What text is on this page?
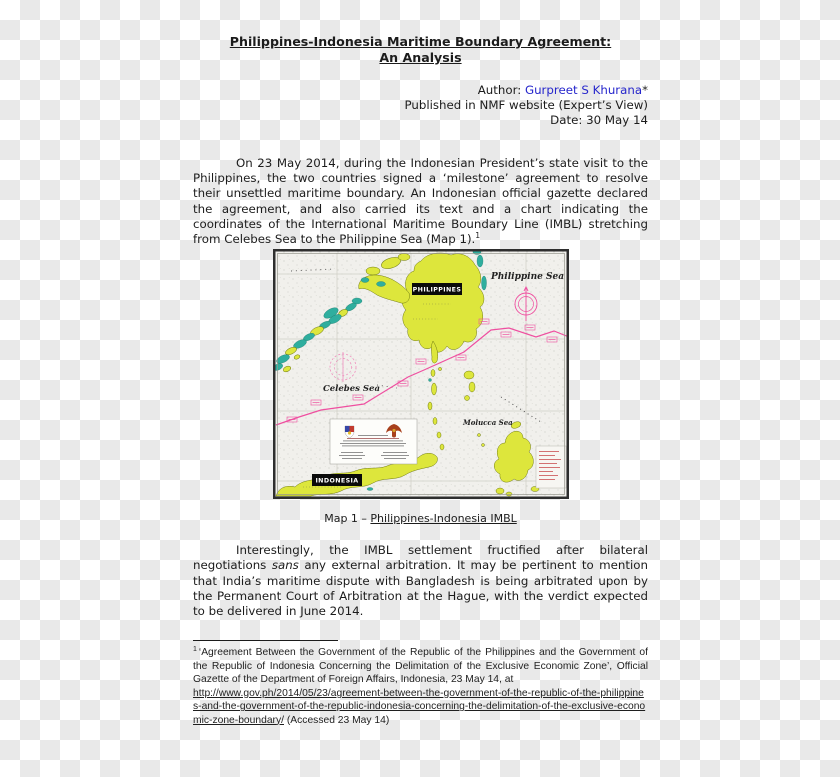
Philippines-Indonesia Maritime Boundary Agreement:
An Analysis
Author: Gurpreet S Khurana*
Published in NMF website (Expert’s View)
Date: 30 May 14

On 23 May 2014, during the Indonesian President’s state visit to the Philippines, the two countries signed a ‘milestone’ agreement to resolve their unsettled maritime boundary. An Indonesian official gazette declared the agreement, and also carried its text and a chart indicating the coordinates of the International Maritime Boundary Line (IMBL) stretching from Celebes Sea to the Philippine Sea (Map 1).$^1$

Philippine Sea
Celebes Sea
Molucca Sea
PHILIPPINES
INDONESIA
Map 1 – Philippines-Indonesia IMBL

Interestingly, the IMBL settlement fructified after bilateral negotiations sans any external arbitration. It may be pertinent to mention that India’s maritime dispute with Bangladesh is being arbitrated upon by the Permanent Court of Arbitration at the Hague, with the verdict expected to be delivered in June 2014.

$^1$ ‘Agreement Between the Government of the Republic of the Philippines and the Government of the Republic of Indonesia Concerning the Delimitation of the Exclusive Economic Zone’, Official Gazette of the Department of Foreign Affairs, Indonesia, 23 May 14, at
http://www.gov.ph/2014/05/23/agreement-between-the-government-of-the-republic-of-the-philippines-and-the-government-of-the-republic-indonesia-concerning-the-delimitation-of-the-exclusive-economic-zone-boundary/ (Accessed 23 May 14)
